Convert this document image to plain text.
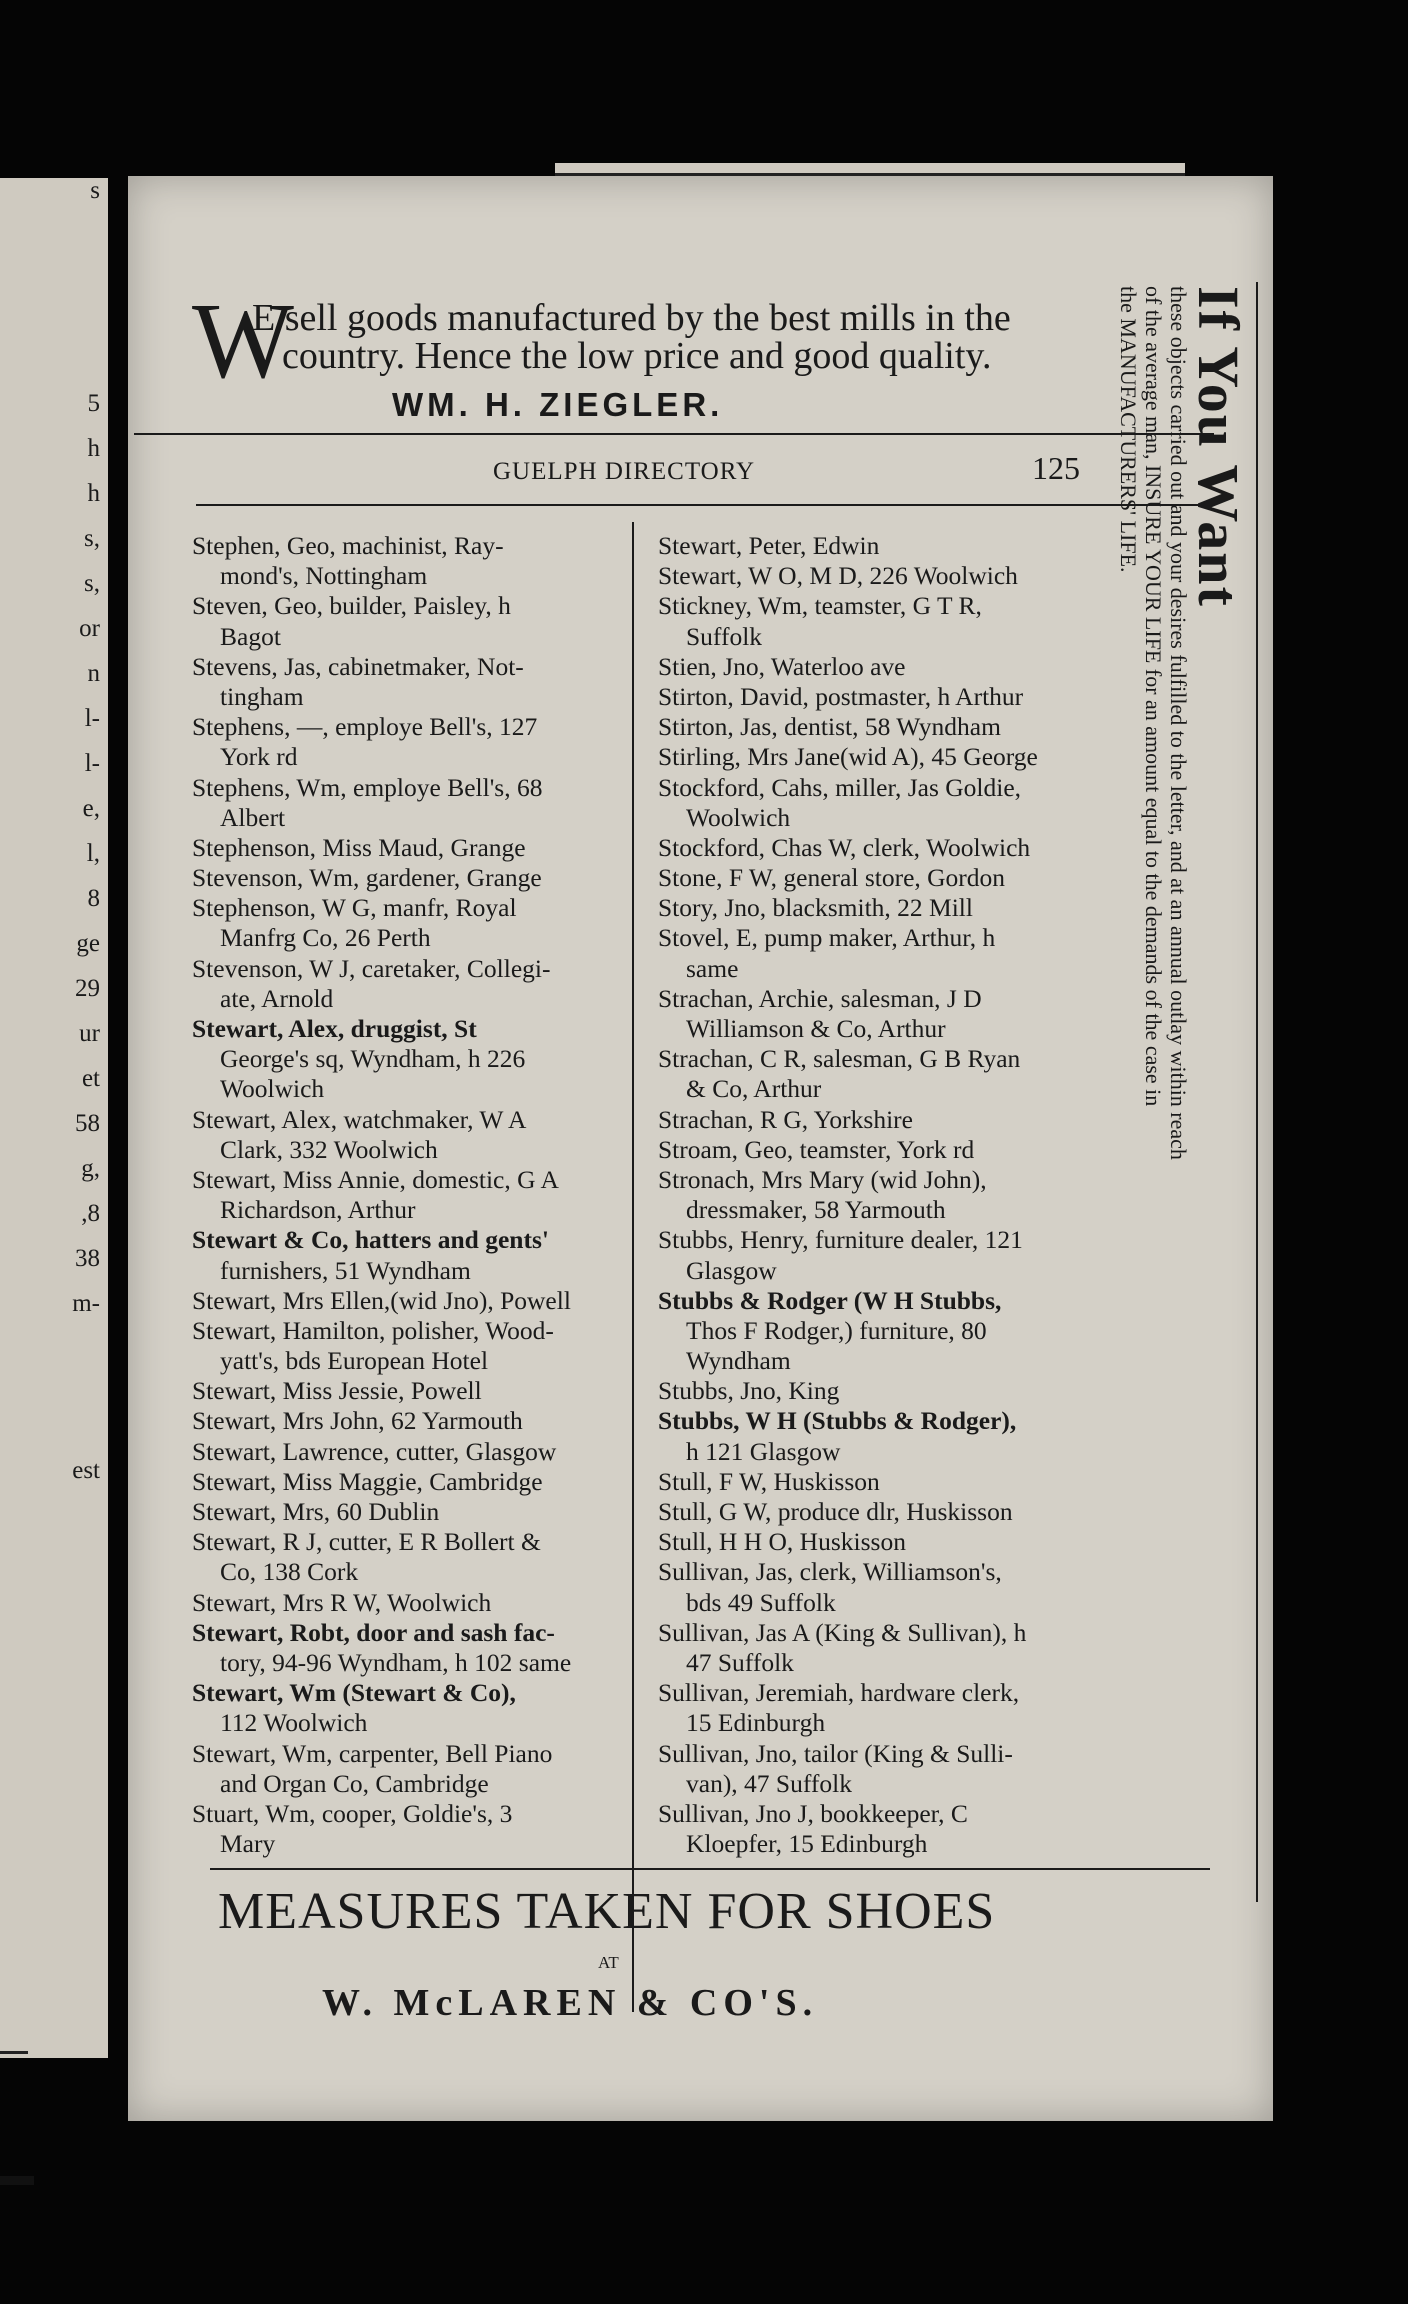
s
5
h
h
s,
s,
or
n
l-
l-
e,
l,
8
ge
29
ur
et
58
g,
,8
38
m-
est
W
E sell goods manufactured by the best mills in the
country. Hence the low price and good quality.
WM. H. ZIEGLER.
GUELPH DIRECTORY	125
Stephen, Geo, machinist, Ray-
mond's, Nottingham
Steven, Geo, builder, Paisley, h
Bagot
Stevens, Jas, cabinetmaker, Not-
tingham
Stephens, —, employe Bell's, 127
York rd
Stephens, Wm, employe Bell's, 68
Albert
Stephenson, Miss Maud, Grange
Stevenson, Wm, gardener, Grange
Stephenson, W G, manfr, Royal
Manfrg Co, 26 Perth
Stevenson, W J, caretaker, Collegi-
ate, Arnold
Stewart, Alex, druggist, St
George's sq, Wyndham, h 226
Woolwich
Stewart, Alex, watchmaker, W A
Clark, 332 Woolwich
Stewart, Miss Annie, domestic, G A
Richardson, Arthur
Stewart & Co, hatters and gents'
furnishers, 51 Wyndham
Stewart, Mrs Ellen,(wid Jno), Powell
Stewart, Hamilton, polisher, Wood-
yatt's, bds European Hotel
Stewart, Miss Jessie, Powell
Stewart, Mrs John, 62 Yarmouth
Stewart, Lawrence, cutter, Glasgow
Stewart, Miss Maggie, Cambridge
Stewart, Mrs, 60 Dublin
Stewart, R J, cutter, E R Bollert &
Co, 138 Cork
Stewart, Mrs R W, Woolwich
Stewart, Robt, door and sash fac-
tory, 94-96 Wyndham, h 102 same
Stewart, Wm (Stewart & Co),
112 Woolwich
Stewart, Wm, carpenter, Bell Piano
and Organ Co, Cambridge
Stuart, Wm, cooper, Goldie's, 3
Mary
Stewart, Peter, Edwin
Stewart, W O, M D, 226 Woolwich
Stickney, Wm, teamster, G T R,
Suffolk
Stien, Jno, Waterloo ave
Stirton, David, postmaster, h Arthur
Stirton, Jas, dentist, 58 Wyndham
Stirling, Mrs Jane(wid A), 45 George
Stockford, Cahs, miller, Jas Goldie,
Woolwich
Stockford, Chas W, clerk, Woolwich
Stone, F W, general store, Gordon
Story, Jno, blacksmith, 22 Mill
Stovel, E, pump maker, Arthur, h
same
Strachan, Archie, salesman, J D
Williamson & Co, Arthur
Strachan, C R, salesman, G B Ryan
& Co, Arthur
Strachan, R G, Yorkshire
Stroam, Geo, teamster, York rd
Stronach, Mrs Mary (wid John),
dressmaker, 58 Yarmouth
Stubbs, Henry, furniture dealer, 121
Glasgow
Stubbs & Rodger (W H Stubbs,
Thos F Rodger,) furniture, 80
Wyndham
Stubbs, Jno, King
Stubbs, W H (Stubbs & Rodger),
h 121 Glasgow
Stull, F W, Huskisson
Stull, G W, produce dlr, Huskisson
Stull, H H O, Huskisson
Sullivan, Jas, clerk, Williamson's,
bds 49 Suffolk
Sullivan, Jas A (King & Sullivan), h
47 Suffolk
Sullivan, Jeremiah, hardware clerk,
15 Edinburgh
Sullivan, Jno, tailor (King & Sulli-
van), 47 Suffolk
Sullivan, Jno J, bookkeeper, C
Kloepfer, 15 Edinburgh
MEASURES TAKEN FOR SHOES
AT
W. McLAREN & CO'S.
If You Want
these objects carried out and your desires fulfilled to the letter, and at an annual outlay within reach
of the average man, INSURE YOUR LIFE for an amount equal to the demands of the case in
the MANUFACTURERS' LIFE.
